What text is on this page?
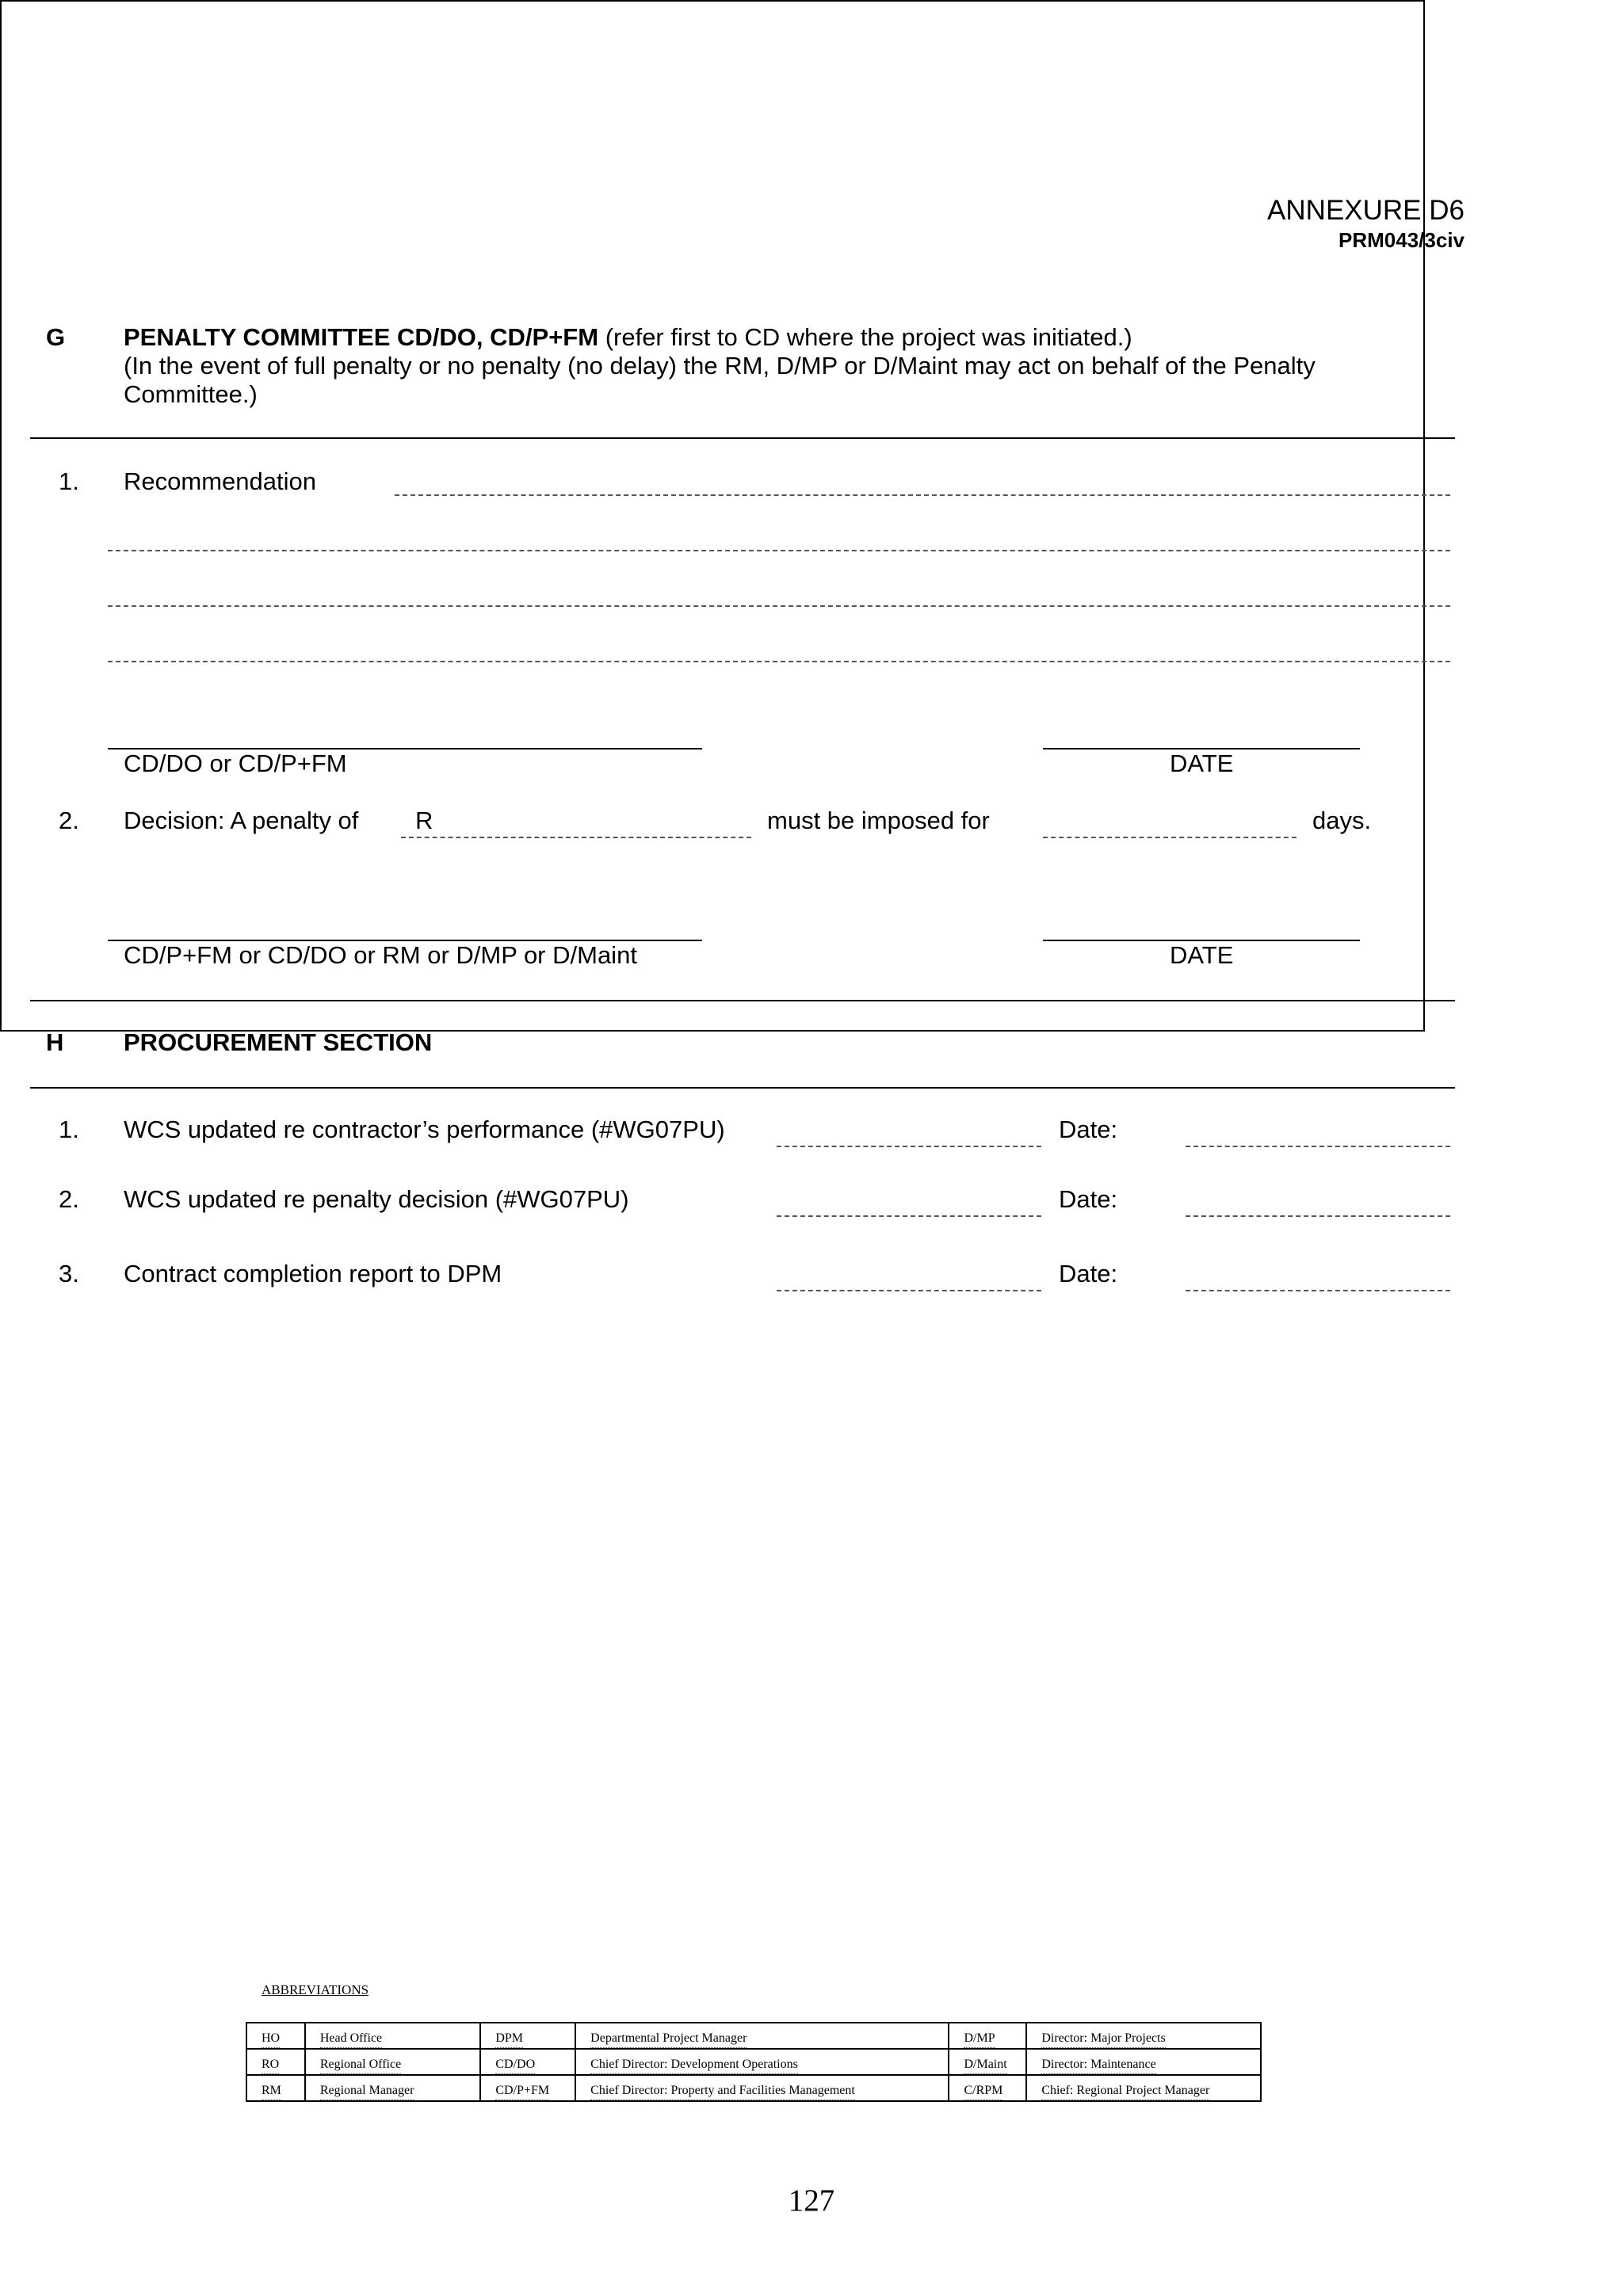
ANNEXURE D6
PRM043/3civ
G PENALTY COMMITTEE CD/DO, CD/P+FM (refer first to CD where the project was initiated.)
(In the event of full penalty or no penalty (no delay) the RM, D/MP or D/Maint may act on behalf of the Penalty
Committee.)
1. Recommendation
CD/DO or CD/P+FM	DATE
2. Decision: A penalty of R	must be imposed for	days.
CD/P+FM or CD/DO or RM or D/MP or D/Maint	DATE
H PROCUREMENT SECTION
1. WCS updated re contractor’s performance (#WG07PU)	Date:
2. WCS updated re penalty decision (#WG07PU)	Date:
3. Contract completion report to DPM	Date:
ABBREVIATIONS
HO	Head Office	DPM	Departmental Project Manager	D/MP	Director: Major Projects
RO	Regional Office	CD/DO	Chief Director: Development Operations	D/Maint	Director: Maintenance
RM	Regional Manager	CD/P+FM	Chief Director: Property and Facilities Management	C/RPM	Chief: Regional Project Manager
127
